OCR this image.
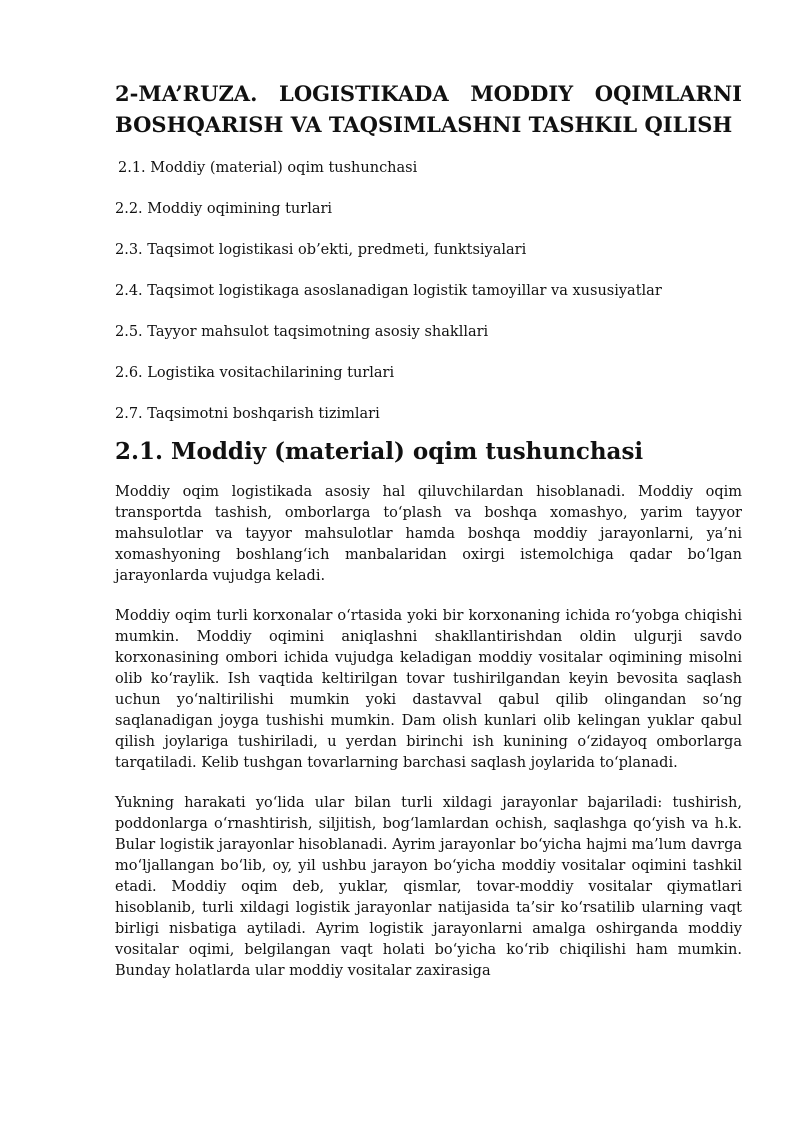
2-MA’RUZA. LOGISTIKADA MODDIY OQIMLARNI BOSHQARISH VA TAQSIMLASHNI TASHKIL QILISH
2.1. Moddiy (material) oqim tushunchasi
2.2. Moddiy oqimining turlari
2.3. Taqsimot logistikasi ob’ekti, predmeti, funktsiyalari
2.4. Taqsimot logistikaga asoslanadigan logistik tamoyillar va xususiyatlar
2.5. Tayyor mahsulot taqsimotning asosiy shakllari
2.6. Logistika vositachilarining turlari
2.7. Taqsimotni boshqarish tizimlari
2.1. Moddiy (material) oqim tushunchasi

Moddiy oqim logistikada asosiy hal qiluvchilardan hisoblanadi. Moddiy oqim transportda tashish, omborlarga to‘plash va boshqa xomashyo, yarim tayyor mahsulotlar va tayyor mahsulotlar hamda boshqa moddiy jarayonlarni, ya’ni xomashyoning boshlang‘ich manbalaridan oxirgi istemolchiga qadar bo‘lgan jarayonlarda vujudga keladi.

Moddiy oqim turli korxonalar o‘rtasida yoki bir korxonaning ichida ro‘yobga chiqishi mumkin. Moddiy oqimini aniqlashni shakllantirishdan oldin ulgurji savdo korxonasining ombori ichida vujudga keladigan moddiy vositalar oqimining misolni olib ko‘raylik. Ish vaqtida keltirilgan tovar tushirilgandan keyin bevosita saqlash uchun yo‘naltirilishi mumkin yoki dastavval qabul qilib olingandan so‘ng saqlanadigan joyga tushishi mumkin. Dam olish kunlari olib kelingan yuklar qabul qilish joylariga tushiriladi, u yerdan birinchi ish kunining o‘zidayoq omborlarga tarqatiladi. Kelib tushgan tovarlarning barchasi saqlash joylarida to‘planadi.

Yukning harakati yo‘lida ular bilan turli xildagi jarayonlar bajariladi: tushirish, poddonlarga o‘rnashtirish, siljitish, bog‘lamlardan ochish, saqlashga qo‘yish va h.k. Bular logistik jarayonlar hisoblanadi. Ayrim jarayonlar bo‘yicha hajmi ma’lum davrga mo‘ljallangan bo‘lib, oy, yil ushbu jarayon bo‘yicha moddiy vositalar oqimini tashkil etadi. Moddiy oqim deb, yuklar, qismlar, tovar-moddiy vositalar qiymatlari hisoblanib, turli xildagi logistik jarayonlar natijasida ta’sir ko‘rsatilib ularning vaqt birligi nisbatiga aytiladi. Ayrim logistik jarayonlarni amalga oshirganda moddiy vositalar oqimi, belgilangan vaqt holati bo‘yicha ko‘rib chiqilishi ham mumkin. Bunday holatlarda ular moddiy vositalar zaxirasiga
